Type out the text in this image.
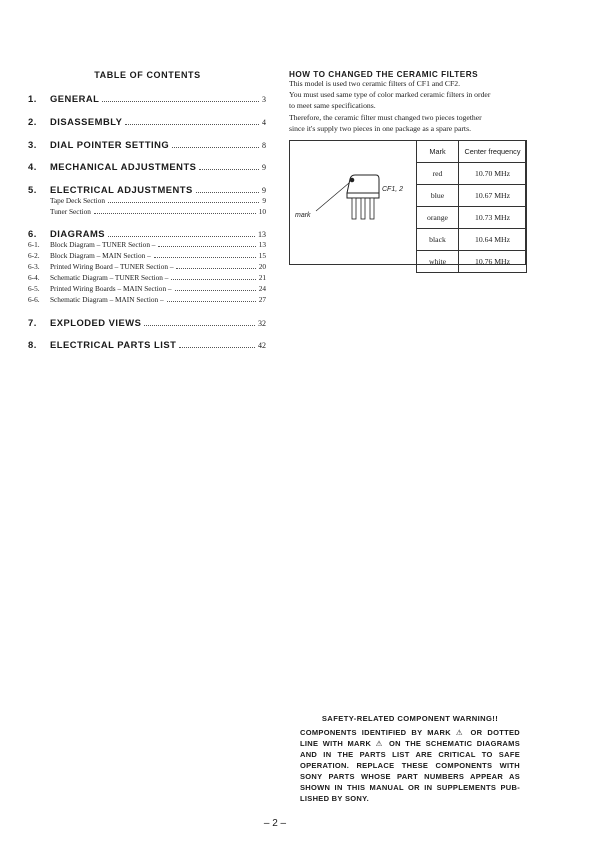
TABLE OF CONTENTS
1.	GENERAL	3
2.	DISASSEMBLY	4
3.	DIAL POINTER SETTING	8
4.	MECHANICAL ADJUSTMENTS	9
5.	ELECTRICAL ADJUSTMENTS	9
Tape Deck Section	9
Tuner Section	10
6.	DIAGRAMS	13
6-1.	Block Diagram – TUNER Section –	13
6-2.	Block Diagram – MAIN Section –	15
6-3.	Printed Wiring Board – TUNER Section –	20
6-4.	Schematic Diagram – TUNER Section –	21
6-5.	Printed Wiring Boards – MAIN Section –	24
6-6.	Schematic Diagram – MAIN Section –	27
7.	EXPLODED VIEWS	32
8.	ELECTRICAL PARTS LIST	42
HOW TO CHANGED THE CERAMIC FILTERS
This model is used two ceramic filters of CF1 and CF2.
You must used same type of color marked ceramic filters in order
to meet same specifications.
Therefore, the ceramic filter must changed two pieces together
since it's supply two pieces in one package as a spare parts.
mark
CF1, 2
Mark	Center frequency
red	10.70 MHz
blue	10.67 MHz
orange	10.73 MHz
black	10.64 MHz
white	10.76 MHz
SAFETY-RELATED COMPONENT WARNING!!
COMPONENTS IDENTIFIED BY MARK ⚠ OR DOTTED
LINE WITH MARK ⚠ ON THE SCHEMATIC DIAGRAMS
AND IN THE PARTS LIST ARE CRITICAL TO SAFE
OPERATION. REPLACE THESE COMPONENTS WITH
SONY PARTS WHOSE PART NUMBERS APPEAR AS
SHOWN IN THIS MANUAL OR IN SUPPLEMENTS PUB-
LISHED BY SONY.
– 2 –
